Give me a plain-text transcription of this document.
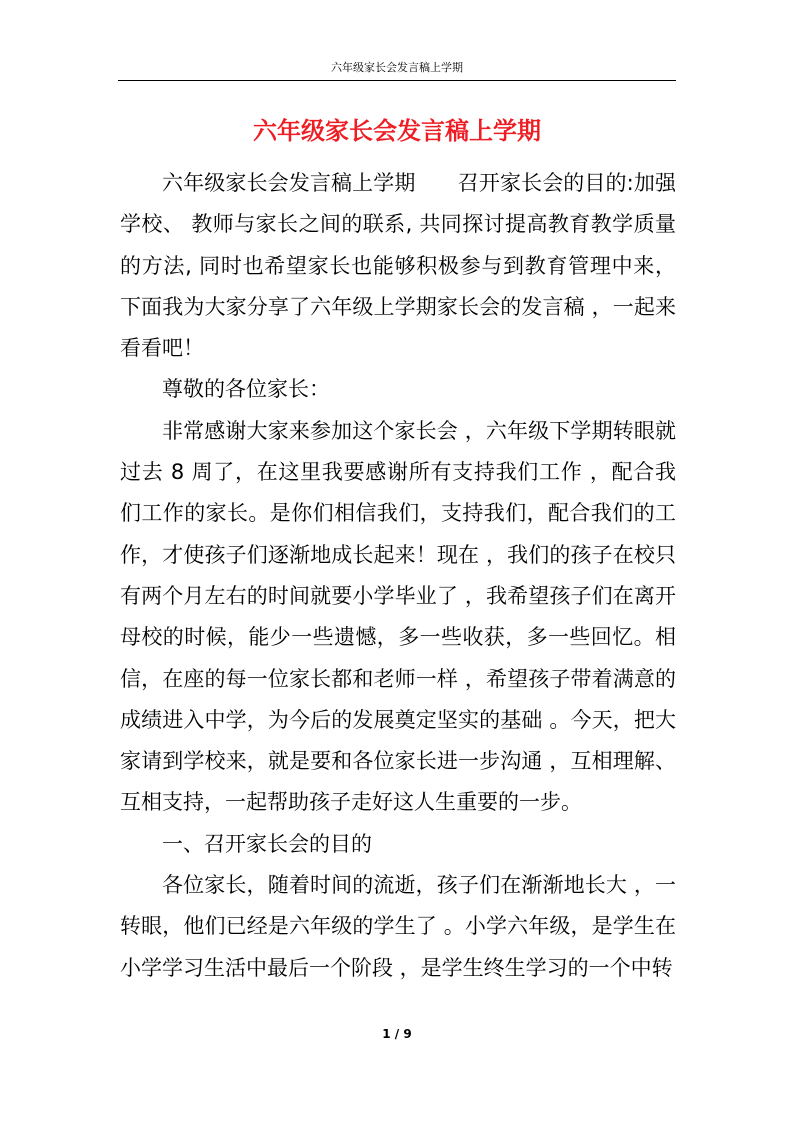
六年级家长会发言稿上学期
六年级家长会发言稿上学期

六年级家长会发言稿上学期　　召开家长会的目的:加强学校、 教师与家长之间的联系, 共同探讨提高教育教学质量的方法, 同时也希望家长也能够积极参与到教育管理中来，下面我为大家分享了六年级上学期家长会的发言稿 ，一起来看看吧！

尊敬的各位家长：

非常感谢大家来参加这个家长会 ，六年级下学期转眼就过去 8 周了，在这里我要感谢所有支持我们工作 ，配合我们工作的家长。是你们相信我们，支持我们，配合我们的工作，才使孩子们逐渐地成长起来！现在 ，我们的孩子在校只有两个月左右的时间就要小学毕业了 ，我希望孩子们在离开母校的时候，能少一些遗憾，多一些收获，多一些回忆。相信，在座的每一位家长都和老师一样 ，希望孩子带着满意的成绩进入中学，为今后的发展奠定坚实的基础 。今天，把大家请到学校来，就是要和各位家长进一步沟通 ，互相理解、互相支持，一起帮助孩子走好这人生重要的一步。

一、召开家长会的目的

各位家长，随着时间的流逝，孩子们在渐渐地长大 ，一转眼，他们已经是六年级的学生了 。小学六年级，是学生在小学学习生活中最后一个阶段 ，是学生终生学习的一个中转

1 / 9
